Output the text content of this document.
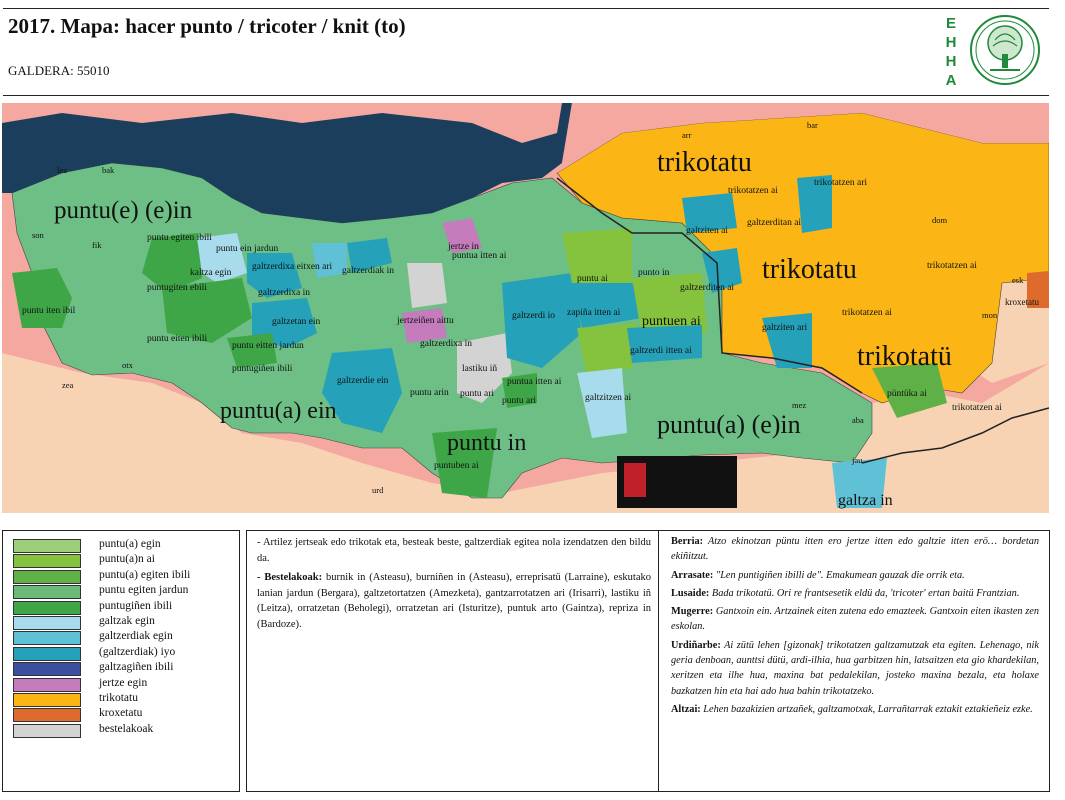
2017. Mapa: hacer punto / tricoter / knit (to)
GALDERA: 55010
E
H
H
A
Nafarroako
Foru
Komunitatea
puntu(e) (e)in
trikotatu
trikotatu
trikotatü
puntu(a) ein
puntu in
puntu(a) (e)in
galtza in
puntu iten ibil
kaltza egin
puntugiten ebili
puntu egiten ibili
puntu ein jardun
galtzerdixa eitxen ari
galtzerdixa in
puntu eiten ibili
puntu eitten jardun
puntugiñen ibili
galtzerdiak in
galtzetan ein	jertzeiñen aittu
galtzerdixa in
galtzerdie ein
puntu arin puntu ari
lastiku iñ
puntua itten ai
galtzerdi io zapiña itten ai
puntu ari
puntua itten ai
jertze in
puntu ai
puntuen ai
punto in
galtzerditen ai
galtzerdi itten ai
galtziten ai
galtzerditan ai
galtziten ari
galtzitzen ai
trikotatzen ari
trikotatzen ai
trikotatzen ai
trikotatzen ai
trikotatzen ai
kroxetatu
püntüka ai
puntuben ai
lez	bak
son
fik
zea
otx
urd
mez
aba
dom
mon
arr
bar
esk
jau
puntu(a) egin
puntu(a)n ai
puntu(a) egiten ibili
puntu egiten jardun
puntugiñen ibili
galtzak egin
galtzerdiak egin
(galtzerdiak) iyo
galtzagiñen ibili
jertze egin
trikotatu
kroxetatu
bestelakoak

- Artilez jertseak edo trikotak eta, besteak beste, galtzerdiak egitea nola izendatzen den bildu da.

- Bestelakoak: burnik in (Asteasu), burniñen in (Asteasu), erreprisatü (Larraine), eskutako lanian jardun (Bergara), galtzetortatzen (Amezketa), gantzarrotatzen ari (Irisarri), lastiku iñ (Leitza), orratzetan (Beholegi), orratzetan ari (Isturitze), puntuk arto (Gaintza), repriza in (Bardoze).

Berria: Atzo ekinotzan püntu itten ero jertze itten edo galtzie itten erö… bordetan ekiñitzut.

Arrasate: "Len puntigiñen ibilli de". Emakumean gauzak die orrik eta.

Lusaide: Bada trikotatü. Ori re frantsesetik eldü da, 'tricoter' ertan baitü Frantzian.

Mugerre: Gantxoin ein. Artzainek eiten zutena edo emazteek. Gantxoin eiten ikasten zen eskolan.

Urdiñarbe: Ai zütü lehen [gizonak] trikotatzen galtzamutzak eta egiten. Lehenago, nik geria denboan, aunttsi dütü, ardi-ilhia, hua garbitzen hin, latsaitzen eta gio khardekilan, xeritzen eta ilhe hua, maxina bat pedalekilan, josteko maxina bezala, eta holaxe bazkatzen hin eta hai ado hua bahin trikotatzeko.

Altzai: Lehen bazakizien artzañek, galtzamotxak, Larrañtarrak eztakit eztakieñeiz ezke.
